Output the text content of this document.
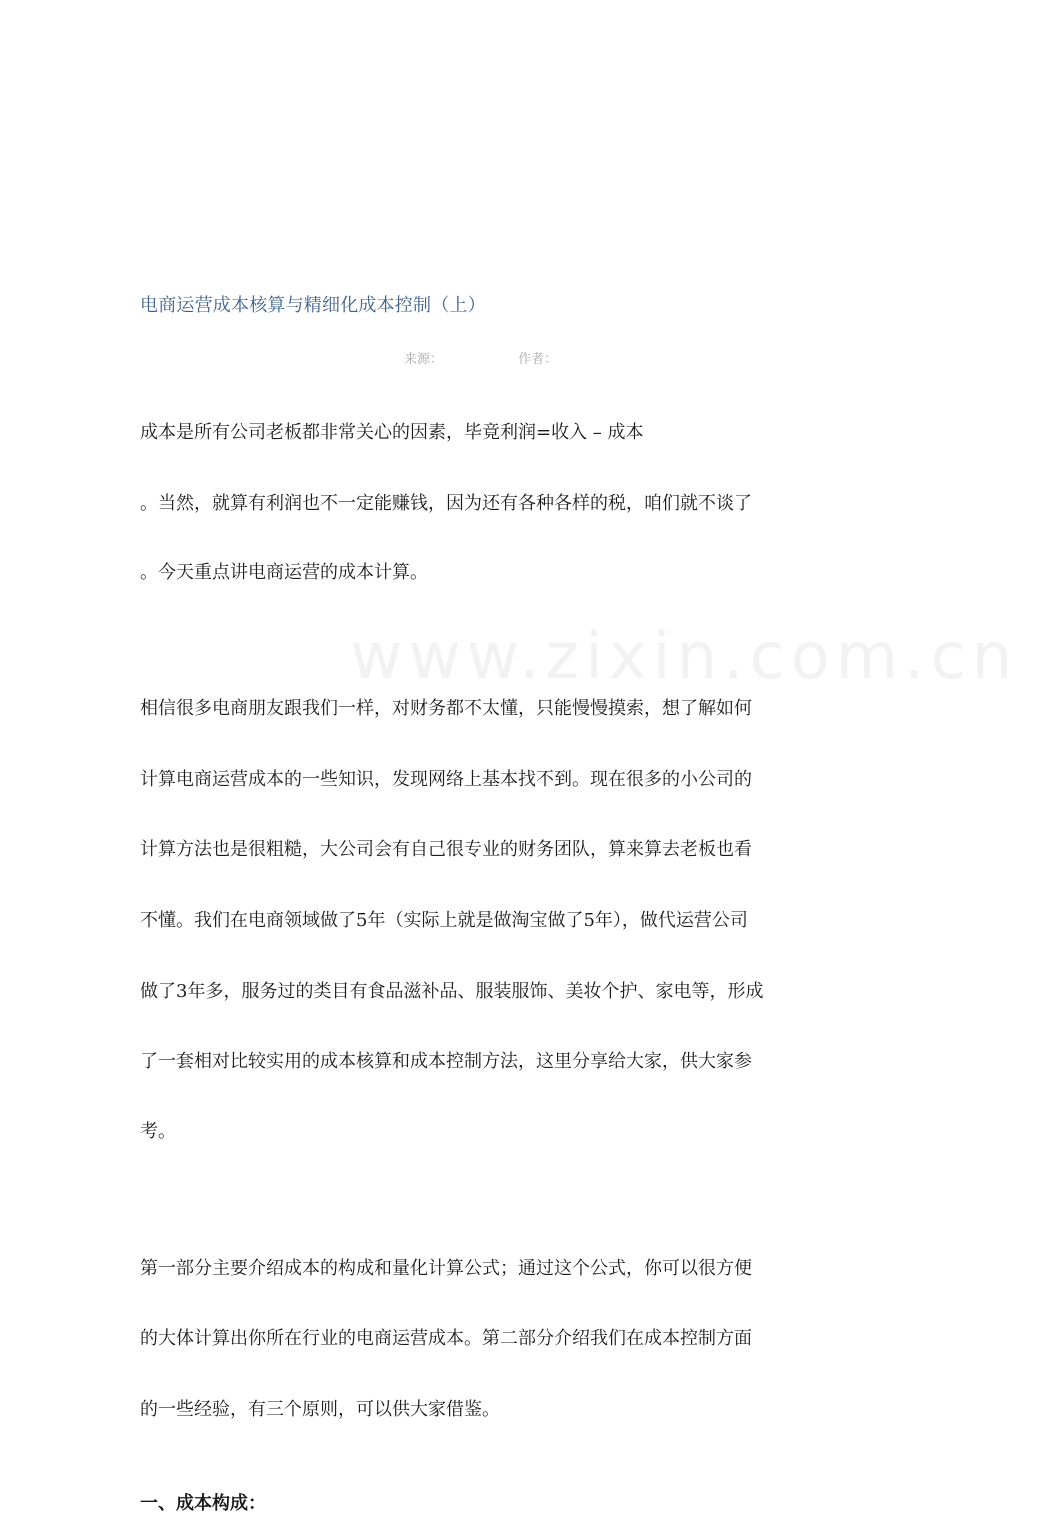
www.zixin.com.cn
电商运营成本核算与精细化成本控制（上）
$_{来源:}$	$_{作者:}$
成本是所有公司老板都非常关心的因素，毕竟利润=收入 – 成本
。当然，就算有利润也不一定能赚钱，因为还有各种各样的税，咱们就不谈了
。今天重点讲电商运营的成本计算。
相信很多电商朋友跟我们一样，对财务都不太懂，只能慢慢摸索，想了解如何
计算电商运营成本的一些知识，发现网络上基本找不到。现在很多的小公司的
计算方法也是很粗糙，大公司会有自己很专业的财务团队，算来算去老板也看
不懂。我们在电商领域做了5年（实际上就是做淘宝做了5年），做代运营公司
做了3年多，服务过的类目有食品滋补品、服装服饰、美妆个护、家电等，形成
了一套相对比较实用的成本核算和成本控制方法，这里分享给大家，供大家参
考。
第一部分主要介绍成本的构成和量化计算公式；通过这个公式，你可以很方便
的大体计算出你所在行业的电商运营成本。第二部分介绍我们在成本控制方面
的一些经验，有三个原则，可以供大家借鉴。
一、成本构成：
